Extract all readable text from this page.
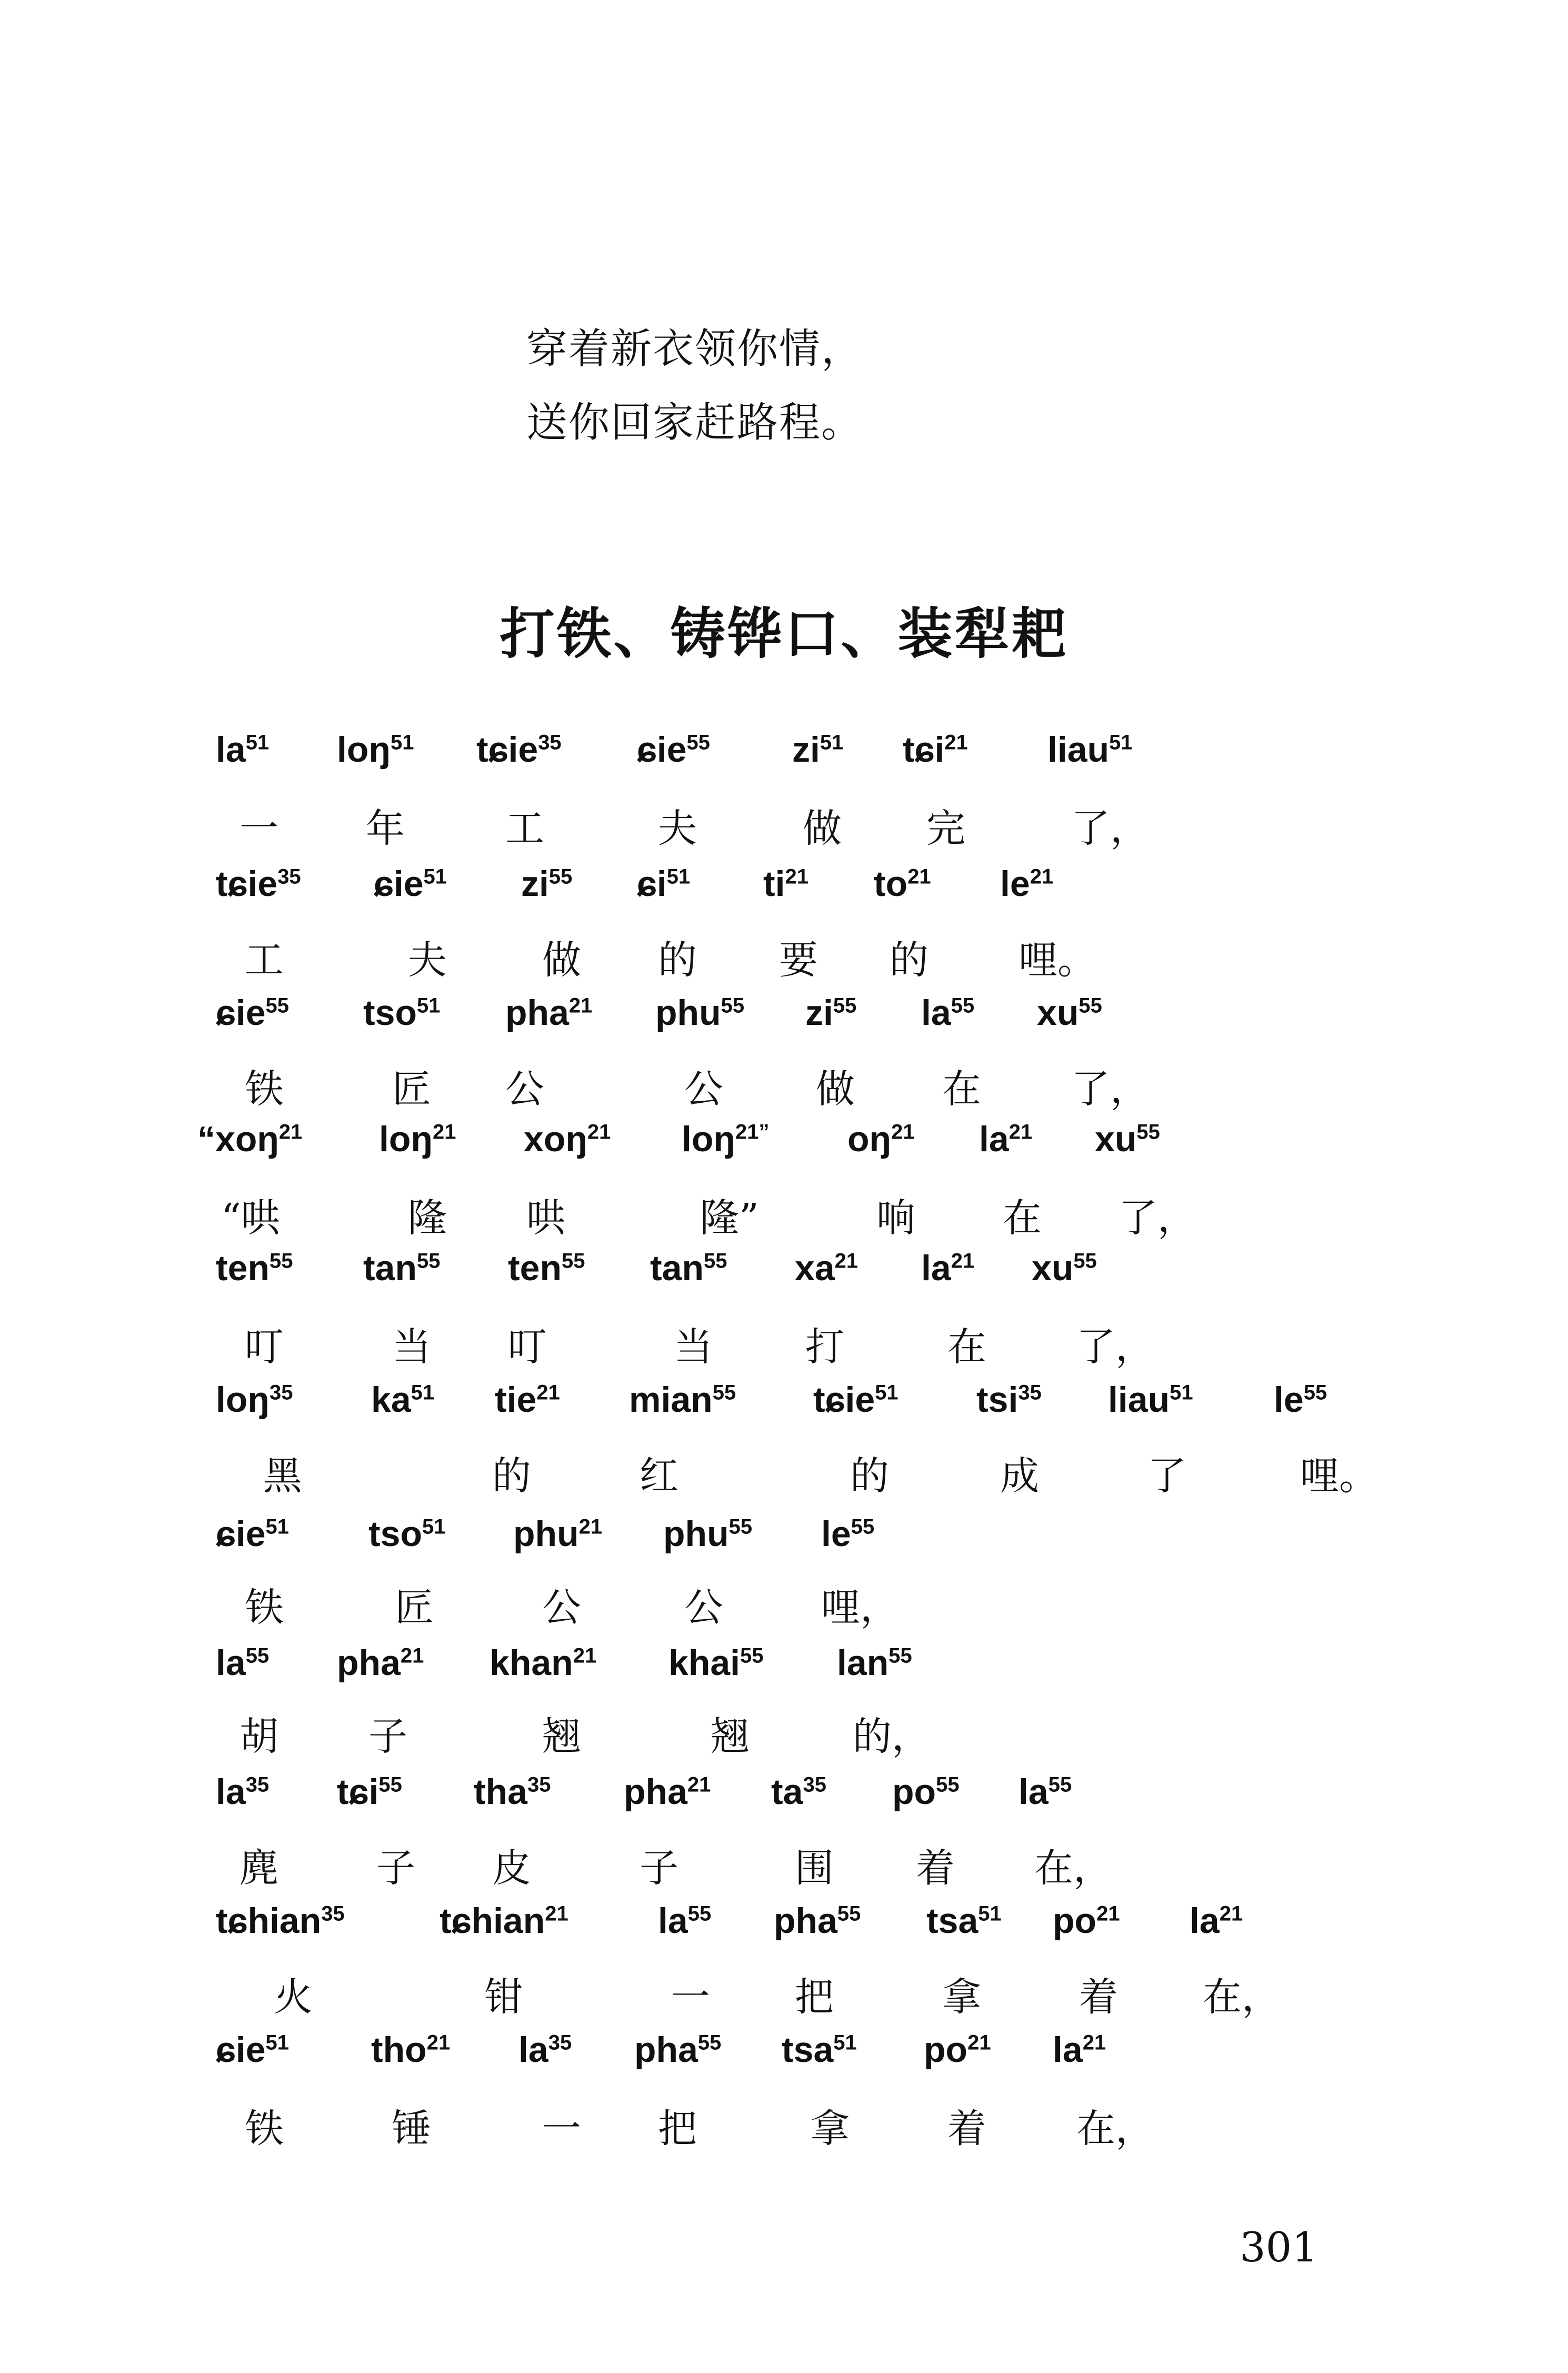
穿着新衣领你情，
送你回家赶路程。
打铁、铸铧口、装犁耙
$la^{51}$ loŋ$^{51}$ tɕie$^{35}$ ɕie$^{55}$ $zi^{51}$ tɕi$^{21}$ liau$^{51}$
一 年	工	夫	做 完	了，
tɕie$^{35}$ ɕie$^{51}$ $zi^{55}$ ɕi$^{51}$ $ti^{21}$ $to^{21}$ $le^{21}$
工	夫 做 的 要 的 哩。
ɕie$^{55}$ tso$^{51}$ pha$^{21}$ phu$^{55}$ $zi^{55}$ $la^{55}$ $xu^{55}$
铁	匠 公	公 做 在 了，
“xoŋ$^{21}$ loŋ$^{21}$ xoŋ$^{21}$ loŋ$^{21”}$ $oŋ^{21}$ $la^{21}$ $xu^{55}$
“哄	隆 哄	隆”	响 在 了，
ten$^{55}$ $\tan^{55} ten^{55}$ $\tan^{55} xa^{21}$ $la^{21}$ $xu^{55}$
叮	当 叮	当 打	在 了，
loŋ$^{35}$ $ka^{51}$ tie$^{21}$ mian$^{55}$ tɕie$^{51}$ tsi$^{35}$ liau$^{51}$ $le^{55}$
黑	的	红	的	成	了	哩。
ɕie$^{51}$ tso$^{51}$ phu$^{21}$ phu$^{55}$ $le^{55}$
铁	匠	公	公	哩，
$la^{55}$ pha$^{21}$ khan$^{21}$ khai$^{55}$ lan$^{55}$
胡 子	翘	翘	的，
$la^{35}$ tɕi$^{55}$ tha$^{35}$ pha$^{21}$ $ta^{35}$ $po^{55}$ $la^{55}$
麂	子 皮	子	围 着 在，
tɕhian$^{35}$	tɕhian$^{21}$	$la^{55}$ pha$^{55}$ tsa$^{51}$ $po^{21}$ $la^{21}$
火	钳	一 把	拿	着 在，
ɕie$^{51}$ tho$^{21}$ $la^{35}$ pha$^{55}$ tsa$^{51}$ $po^{21}$ $la^{21}$
铁	锤	一 把	拿	着 在，
301
